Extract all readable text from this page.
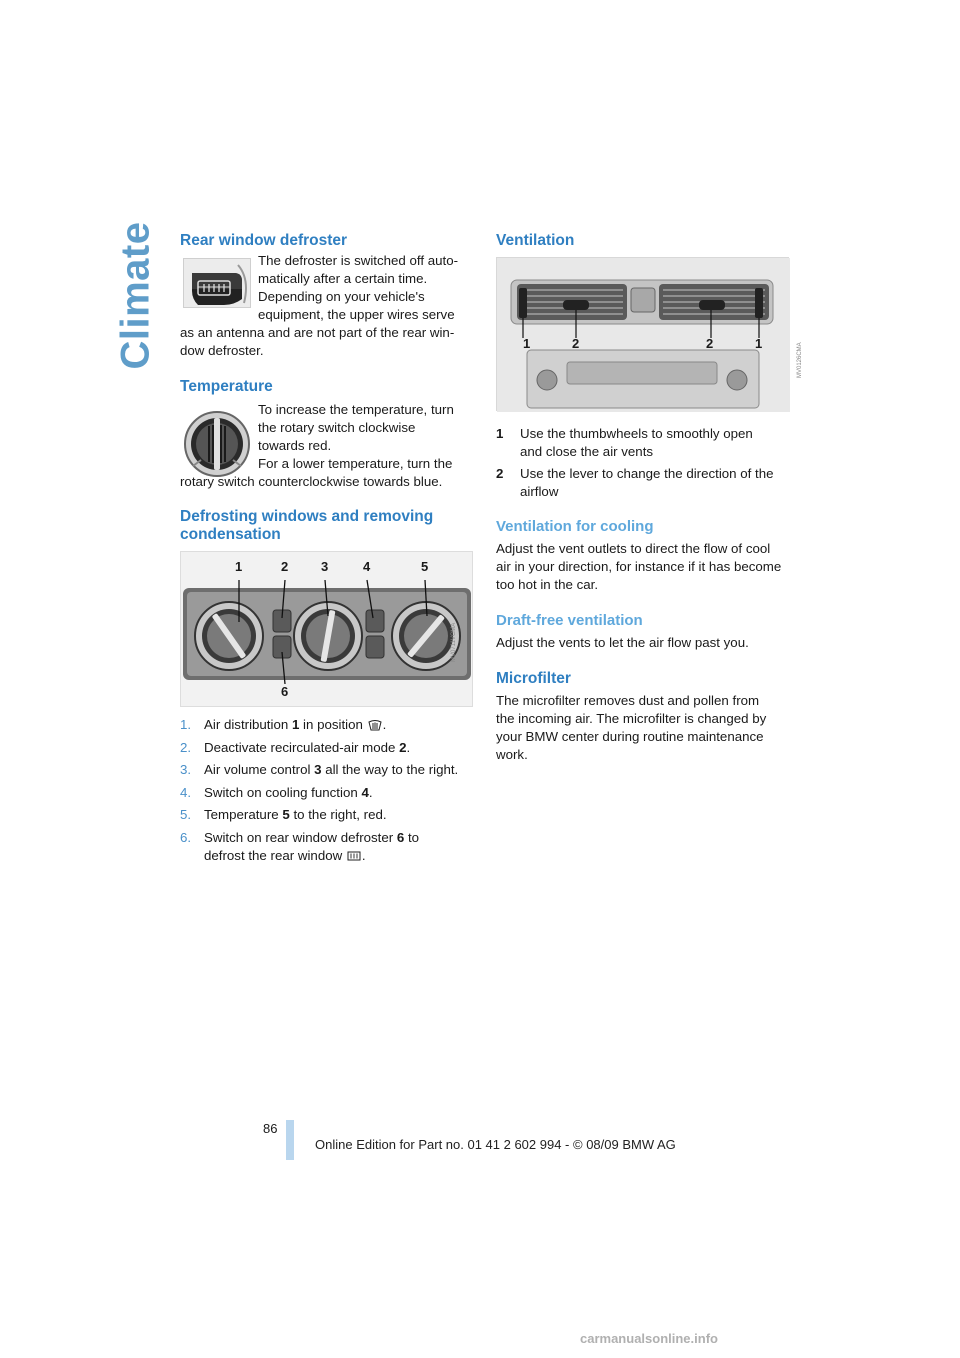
Climate Rear window defroster

The defroster is switched off auto-

matically after a certain time.

Depending on your vehicle's

equipment, the upper wires serve

as an antenna and are not part of the rear win-

dow defroster.

Temperature

To increase the temperature, turn

the rotary switch clockwise

towards red.

For a lower temperature, turn the

rotary switch counterclockwise towards blue.

Defrosting windows and removing
condensation
1	2	3	4	5
6
MV0711VCMA
1. Air distribution 1 in position .
2. Deactivate recirculated-air mode 2.
3. Air volume control 3 all the way to the right.
4. Switch on cooling function 4.
5. Temperature 5 to the right, red.
6. Switch on rear window defroster 6 to
defrost the rear window .
Ventilation
1	2	2	1	MV0126CMA
1 Use the thumbwheels to smoothly open
and close the air vents
2 Use the lever to change the direction of the
airflow
Ventilation for cooling

Adjust the vent outlets to direct the flow of cool

air in your direction, for instance if it has become

too hot in the car.

Draft-free ventilation

Adjust the vents to let the air flow past you.

Microfilter

The microfilter removes dust and pollen from

the incoming air. The microfilter is changed by

your BMW center during routine maintenance

work.

86
Online Edition for Part no. 01 41 2 602 994 - © 08/09 BMW AG
carmanualsonline.info
